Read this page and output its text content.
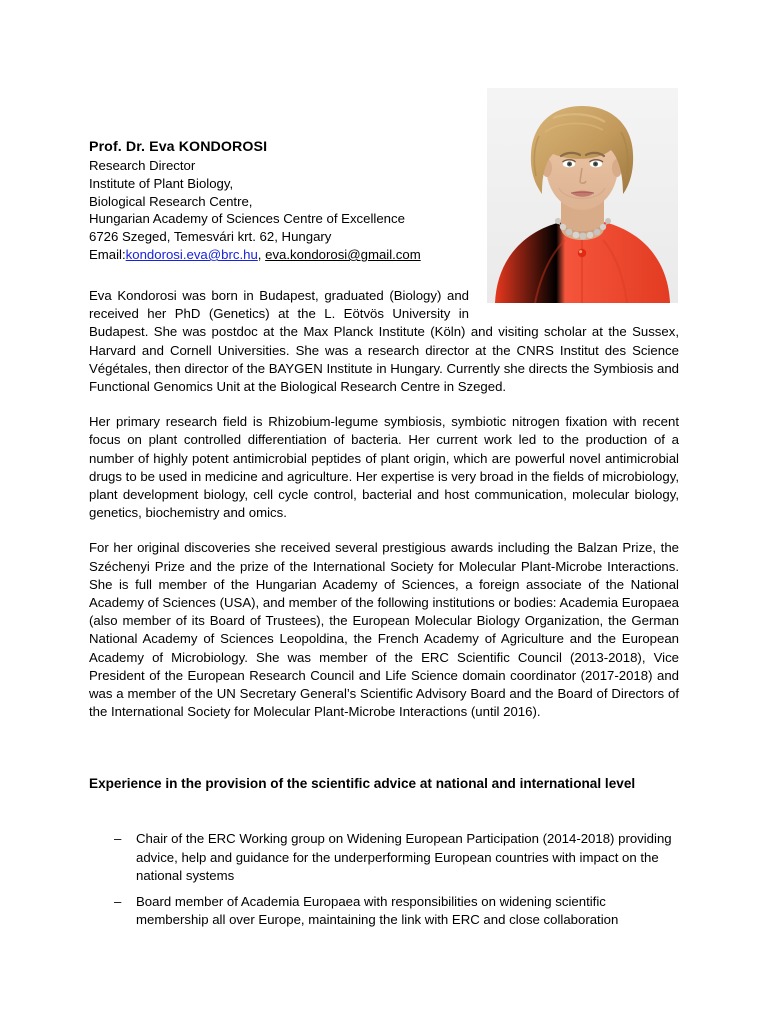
Prof. Dr. Eva KONDOROSI
Research Director
Institute of Plant Biology,
Biological Research Centre,
Hungarian Academy of Sciences Centre of Excellence
6726 Szeged, Temesvári krt. 62, Hungary
Email:kondorosi.eva@brc.hu, eva.kondorosi@gmail.com

Eva Kondorosi was born in Budapest, graduated (Biology) and received her PhD (Genetics) at the L. Eötvös University in Budapest. She was postdoc at the Max Planck Institute (Köln) and visiting scholar at the Sussex, Harvard and Cornell Universities. She was a research director at the CNRS Institut des Science Végétales, then director of the BAYGEN Institute in Hungary. Currently she directs the Symbiosis and Functional Genomics Unit at the Biological Research Centre in Szeged.

Her primary research field is Rhizobium-legume symbiosis, symbiotic nitrogen fixation with recent focus on plant controlled differentiation of bacteria. Her current work led to the production of a number of highly potent antimicrobial peptides of plant origin, which are powerful novel antimicrobial drugs to be used in medicine and agriculture. Her expertise is very broad in the fields of microbiology, plant development biology, cell cycle control, bacterial and host communication, molecular biology, genetics, biochemistry and omics.

For her original discoveries she received several prestigious awards including the Balzan Prize, the Széchenyi Prize and the prize of the International Society for Molecular Plant-Microbe Interactions. She is full member of the Hungarian Academy of Sciences, a foreign associate of the National Academy of Sciences (USA), and member of the following institutions or bodies: Academia Europaea (also member of its Board of Trustees), the European Molecular Biology Organization, the German National Academy of Sciences Leopoldina, the French Academy of Agriculture and the European Academy of Microbiology. She was member of the ERC Scientific Council (2013-2018), Vice President of the European Research Council and Life Science domain coordinator (2017-2018) and was a member of the UN Secretary General’s Scientific Advisory Board and the Board of Directors of the International Society for Molecular Plant-Microbe Interactions (until 2016).

Experience in the provision of the scientific advice at national and international level
– Chair of the ERC Working group on Widening European Participation (2014-2018) providing advice, help and guidance for the underperforming European countries with impact on the national systems
– Board member of Academia Europaea with responsibilities on widening scientific membership all over Europe, maintaining the link with ERC and close collaboration
